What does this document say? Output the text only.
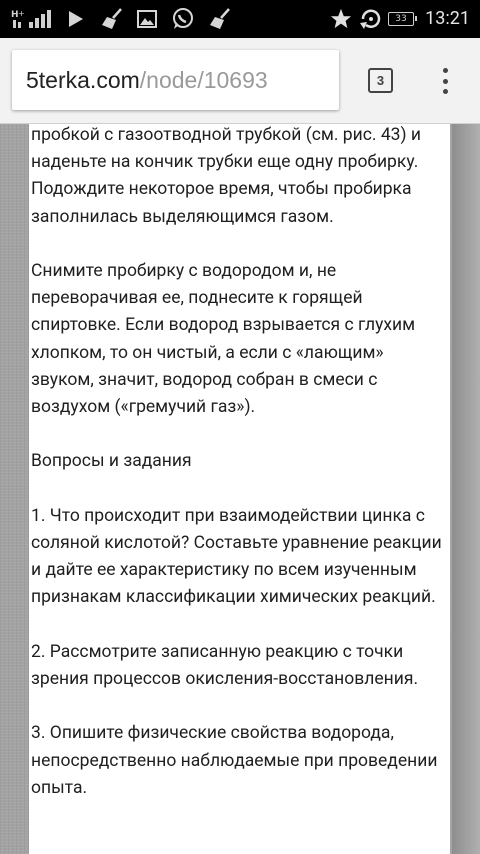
H +
33 13:21
5terka.com /node/10693	3

пробкой с газоотводной трубкой (см. рис. 43) и наденьте на кончик трубки еще одну пробирку. Подождите некоторое время, чтобы пробирка заполнилась выделяющимся газом.

Снимите пробирку с водородом и, не переворачивая ее, поднесите к горящей спиртовке. Если водород взрывается с глухим хлопком, то он чистый, а если с «лающим» звуком, значит, водород собран в смеси с воздухом («гремучий газ»).

Вопросы и задания

1. Что происходит при взаимодействии цинка с соляной кислотой? Составьте уравнение реакции и дайте ее характеристику по всем изученным признакам классификации химических реакций.

2. Рассмотрите записанную реакцию с точки зрения процессов окисления-восстановления.

3. Опишите физические свойства водорода, непосредственно наблюдаемые при проведении опыта.
